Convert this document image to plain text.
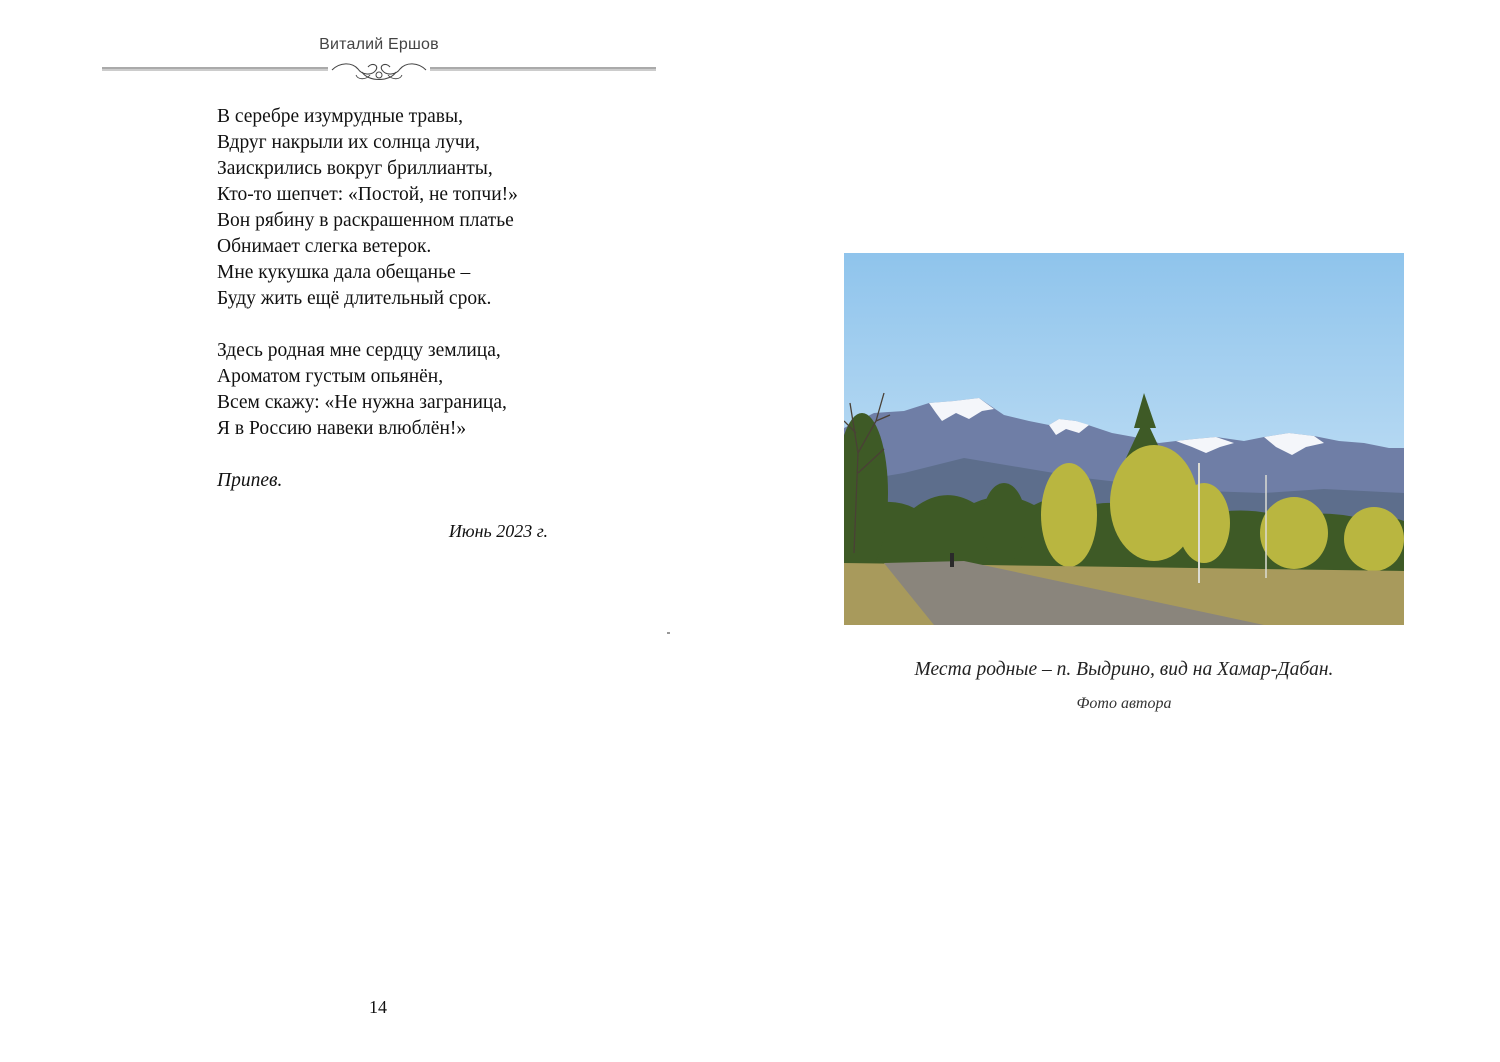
Виталий Ершов
В серебре изумрудные травы,
Вдруг накрыли их солнца лучи,
Заискрились вокруг бриллианты,
Кто-то шепчет: «Постой, не топчи!»
Вон рябину в раскрашенном платье
Обнимает слегка ветерок.
Мне кукушка дала обещанье –
Буду жить ещё длительный срок.
Здесь родная мне сердцу землица,
Ароматом густым опьянён,
Всем скажу: «Не нужна заграница,
Я в Россию навеки влюблён!»

Припев.

Июнь 2023 г.
14
Места родные – п. Выдрино, вид на Хамар-Дабан.
Фото автора
